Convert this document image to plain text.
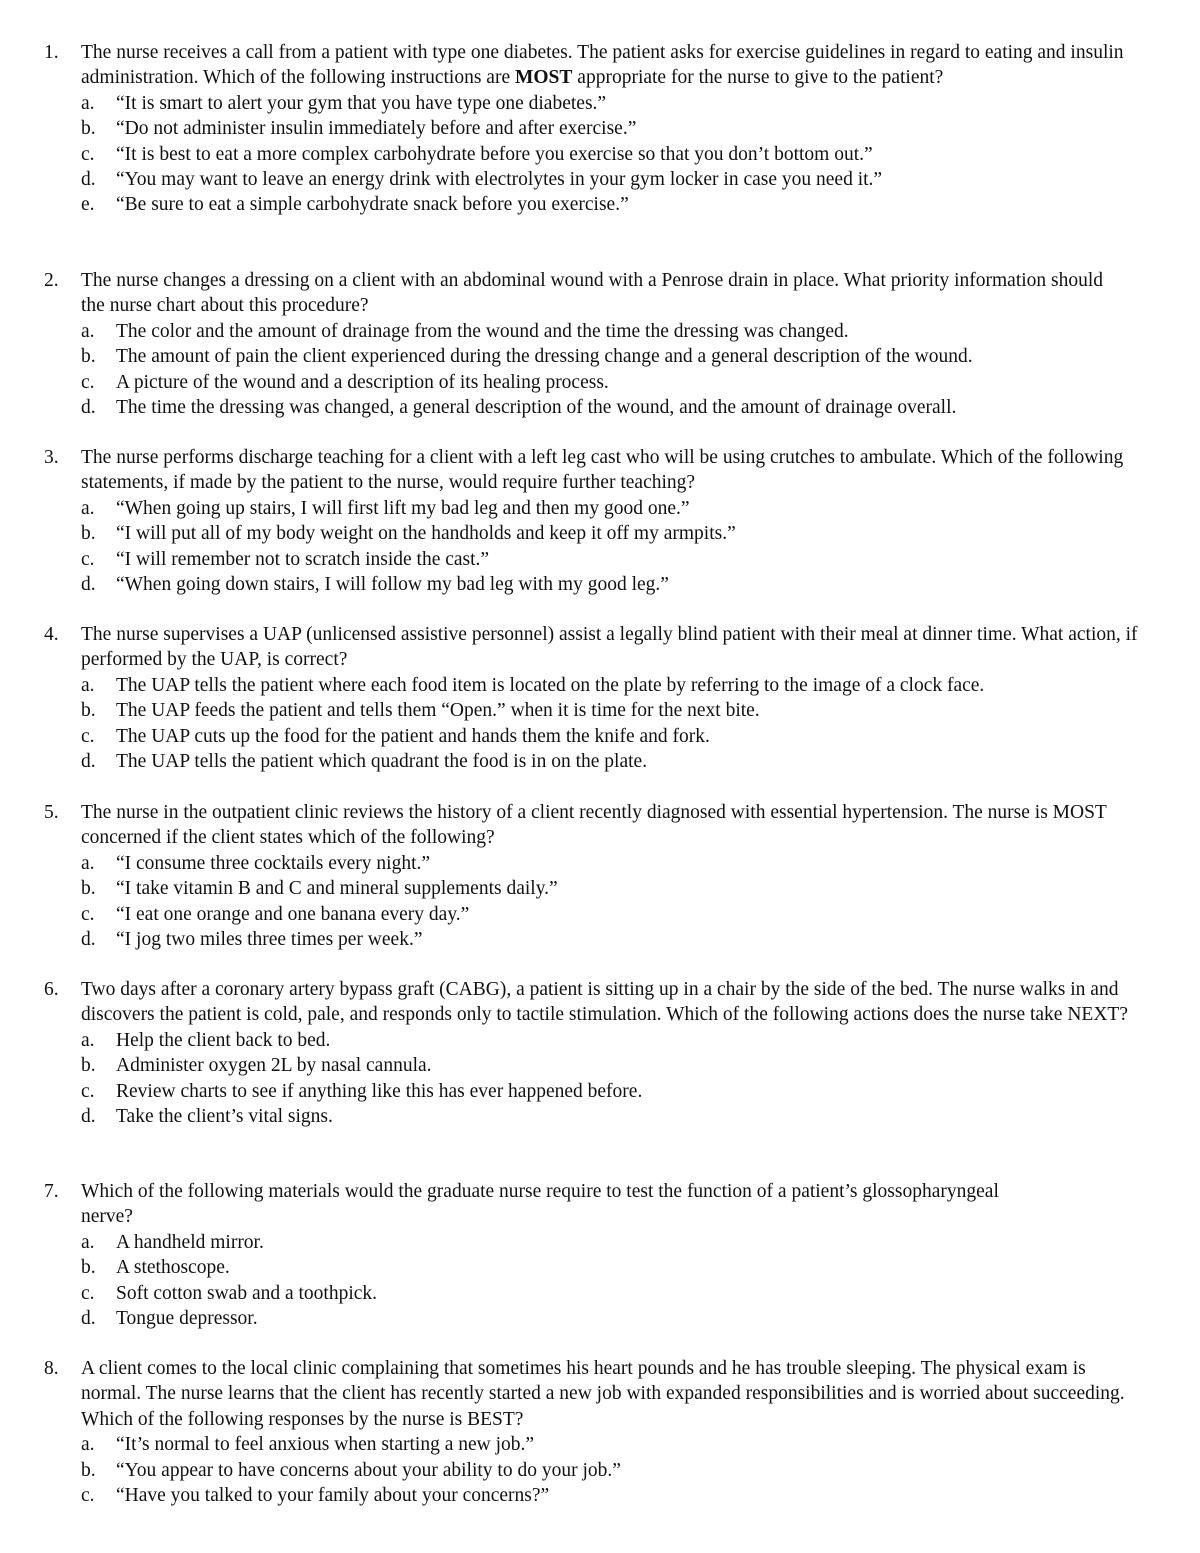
1.	The nurse receives a call from a patient with type one diabetes. The patient asks for exercise guidelines in regard to eating and insulin administration. Which of the following instructions are MOST appropriate for the nurse to give to the patient?
a. “It is smart to alert your gym that you have type one diabetes.”
b. “Do not administer insulin immediately before and after exercise.”
c. “It is best to eat a more complex carbohydrate before you exercise so that you don’t bottom out.”
d. “You may want to leave an energy drink with electrolytes in your gym locker in case you need it.”
e. “Be sure to eat a simple carbohydrate snack before you exercise.”
2.	The nurse changes a dressing on a client with an abdominal wound with a Penrose drain in place. What priority information should the nurse chart about this procedure?
a. The color and the amount of drainage from the wound and the time the dressing was changed.
b. The amount of pain the client experienced during the dressing change and a general description of the wound.
c. A picture of the wound and a description of its healing process.
d. The time the dressing was changed, a general description of the wound, and the amount of drainage overall.
3.	The nurse performs discharge teaching for a client with a left leg cast who will be using crutches to ambulate. Which of the following statements, if made by the patient to the nurse, would require further teaching?
a. “When going up stairs, I will first lift my bad leg and then my good one.”
b. “I will put all of my body weight on the handholds and keep it off my armpits.”
c. “I will remember not to scratch inside the cast.”
d. “When going down stairs, I will follow my bad leg with my good leg.”
4.	The nurse supervises a UAP (unlicensed assistive personnel) assist a legally blind patient with their meal at dinner time. What action, if performed by the UAP, is correct?
a. The UAP tells the patient where each food item is located on the plate by referring to the image of a clock face.
b. The UAP feeds the patient and tells them “Open.” when it is time for the next bite.
c. The UAP cuts up the food for the patient and hands them the knife and fork.
d. The UAP tells the patient which quadrant the food is in on the plate.
5.	The nurse in the outpatient clinic reviews the history of a client recently diagnosed with essential hypertension. The nurse is MOST concerned if the client states which of the following?
a. “I consume three cocktails every night.”
b. “I take vitamin B and C and mineral supplements daily.”
c. “I eat one orange and one banana every day.”
d. “I jog two miles three times per week.”
6.	Two days after a coronary artery bypass graft (CABG), a patient is sitting up in a chair by the side of the bed. The nurse walks in and discovers the patient is cold, pale, and responds only to tactile stimulation. Which of the following actions does the nurse take NEXT?
a. Help the client back to bed.
b. Administer oxygen 2L by nasal cannula.
c. Review charts to see if anything like this has ever happened before.
d. Take the client’s vital signs.
7.	Which of the following materials would the graduate nurse require to test the function of a patient’s glossopharyngeal nerve?
a. A handheld mirror.
b. A stethoscope.
c. Soft cotton swab and a toothpick.
d. Tongue depressor.
8.	A client comes to the local clinic complaining that sometimes his heart pounds and he has trouble sleeping. The physical exam is normal. The nurse learns that the client has recently started a new job with expanded responsibilities and is worried about succeeding. Which of the following responses by the nurse is BEST?
a. “It’s normal to feel anxious when starting a new job.”
b. “You appear to have concerns about your ability to do your job.”
c. “Have you talked to your family about your concerns?”
